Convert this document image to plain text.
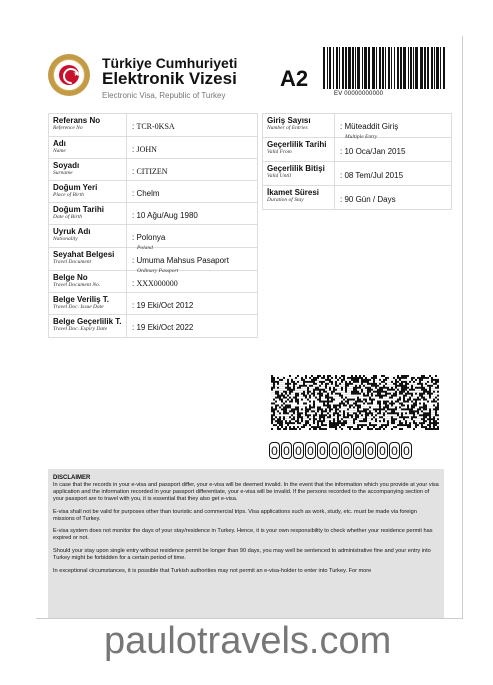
★
Türkiye Cumhuriyeti
Elektronik Vizesi
Electronic Visa, Republic of Turkey
A2
EV 00000000000
Referans No
Reference No	: TCR-0KSA
Adı
Name	: JOHN
Soyadı
Surname	: CITIZEN
Doğum Yeri
Place of Birth	: Chelm
Doğum Tarihi
Date of Birth	: 10 Ağu/Aug 1980
Uyruk Adı
Nationality	: Polonya
Poland
Seyahat Belgesi
Travel Document	: Umuma Mahsus Pasaport
Ordinary Passport
Belge No
Travel Document No.	: XXX000000
Belge Veriliş T.
Travel Doc. Issue Date	: 19 Eki/Oct 2012
Belge Geçerlilik T.
Travel Doc. Expiry Date	: 19 Eki/Oct 2022
Giriş Sayısı
Number of Entries	: Müteaddit Giriş
Multiple Entry
Geçerlilik Tarihi
Valid From	: 10 Oca/Jan 2015
Geçerlilik Bitişi
Valid Until	: 08 Tem/Jul 2015
İkamet Süresi
Duration of Stay	: 90 Gün / Days
0 0 0 0 0 0 0 0 0 0 0 0
DISCLAIMER

In case that the records in your e-visa and passport differ, your e-visa will be deemed invalid. In the event that the information which you provide at your visa application and the information recorded in your passport differentiate, your e-visa will be invalid. If the persons recorded to the accompanying section of your passport are to travel with you, it is essential that they also get e-visa.

E-visa shall not be valid for purposes other than touristic and commercial trips. Visa applications such as work, study, etc. must be made via foreign missions of Turkey.

E-visa system does not monitor the days of your stay/residence in Turkey. Hence, it is your own responsibility to check whether your residence permit has expired or not.

Should your stay upon single entry without residence permit be longer than 90 days, you may well be sentenced to administrative fine and your entry into Turkey might be forbidden for a certain period of time.

In exceptional circumstances, it is possible that Turkish authorities may not permit an e-visa-holder to enter into Turkey. For more

paulotravels.com
